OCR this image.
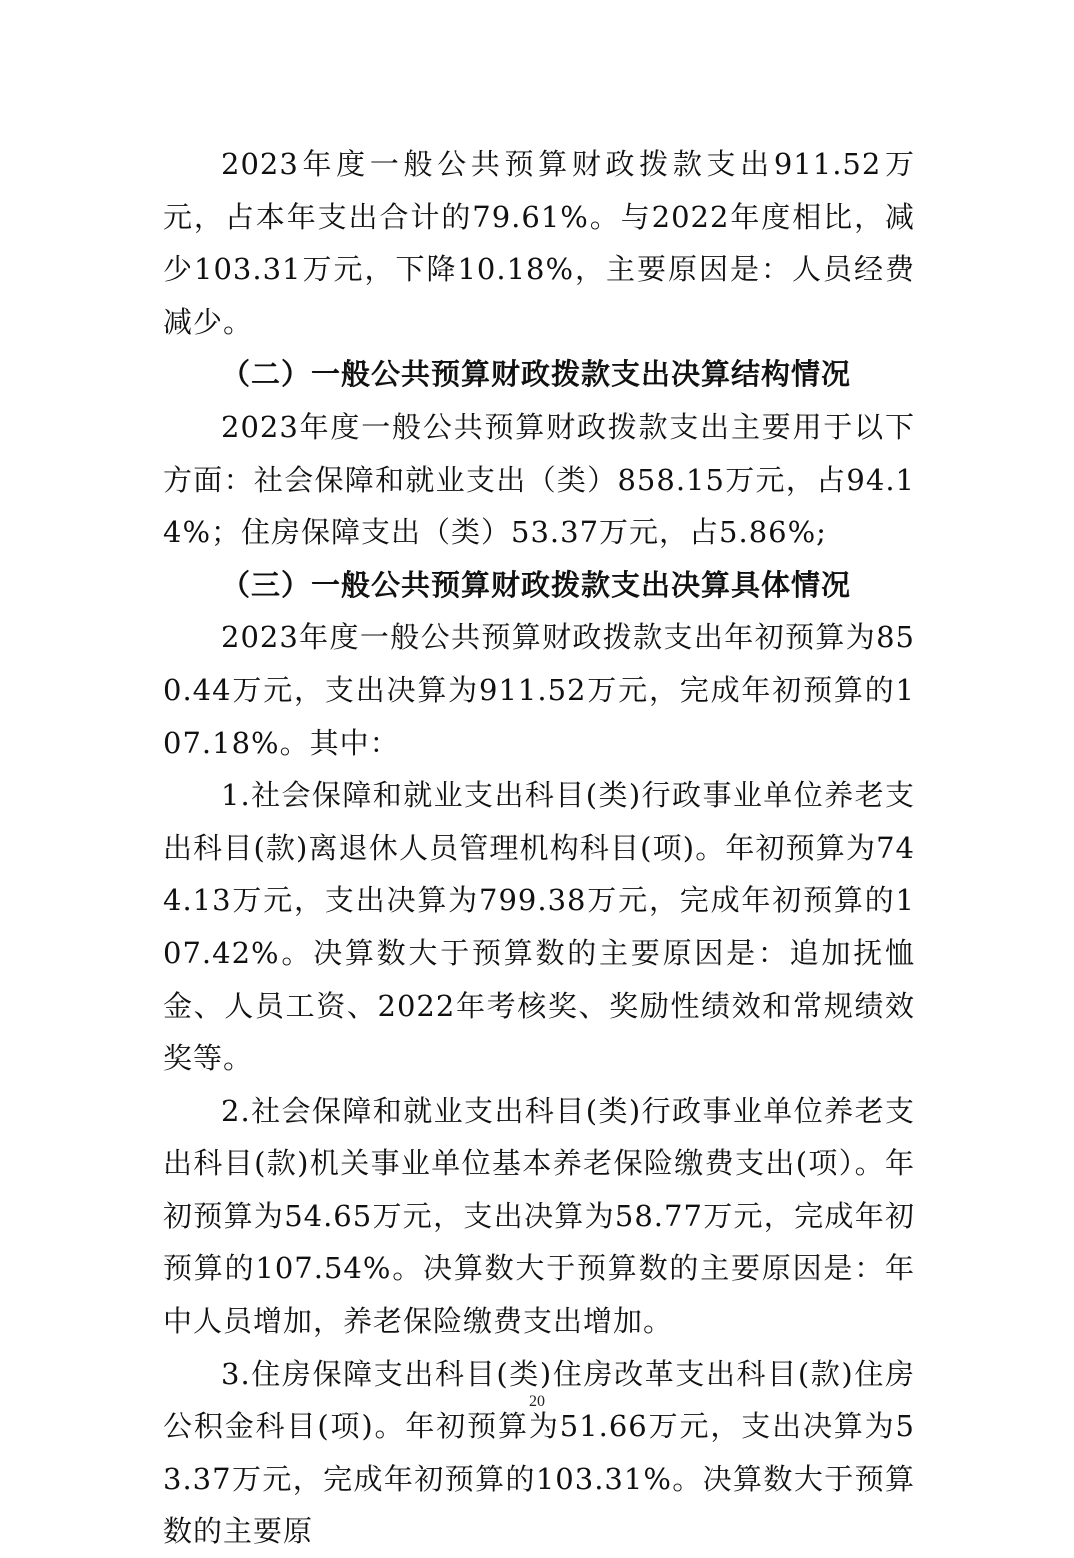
2023年度一般公共预算财政拨款支出911.52万元，占本年支出合计的79.61%。与2022年度相比，减少103.31万元，下降10.18%，主要原因是：人员经费减少。

（二）一般公共预算财政拨款支出决算结构情况

2023年度一般公共预算财政拨款支出主要用于以下方面：社会保障和就业支出（类）858.15万元，占94.14%；住房保障支出（类）53.37万元，占5.86%;

（三）一般公共预算财政拨款支出决算具体情况

2023年度一般公共预算财政拨款支出年初预算为850.44万元，支出决算为911.52万元，完成年初预算的107.18%。其中：

1.社会保障和就业支出科目(类)行政事业单位养老支出科目(款)离退休人员管理机构科目(项)。年初预算为744.13万元，支出决算为799.38万元，完成年初预算的107.42%。决算数大于预算数的主要原因是：追加抚恤金、人员工资、2022年考核奖、奖励性绩效和常规绩效奖等。

2.社会保障和就业支出科目(类)行政事业单位养老支出科目(款)机关事业单位基本养老保险缴费支出(项）。年初预算为54.65万元，支出决算为58.77万元，完成年初预算的107.54%。决算数大于预算数的主要原因是：年中人员增加，养老保险缴费支出增加。

3.住房保障支出科目(类)住房改革支出科目(款)住房公积金科目(项)。年初预算为51.66万元，支出决算为53.37万元，完成年初预算的103.31%。决算数大于预算数的主要原

20
